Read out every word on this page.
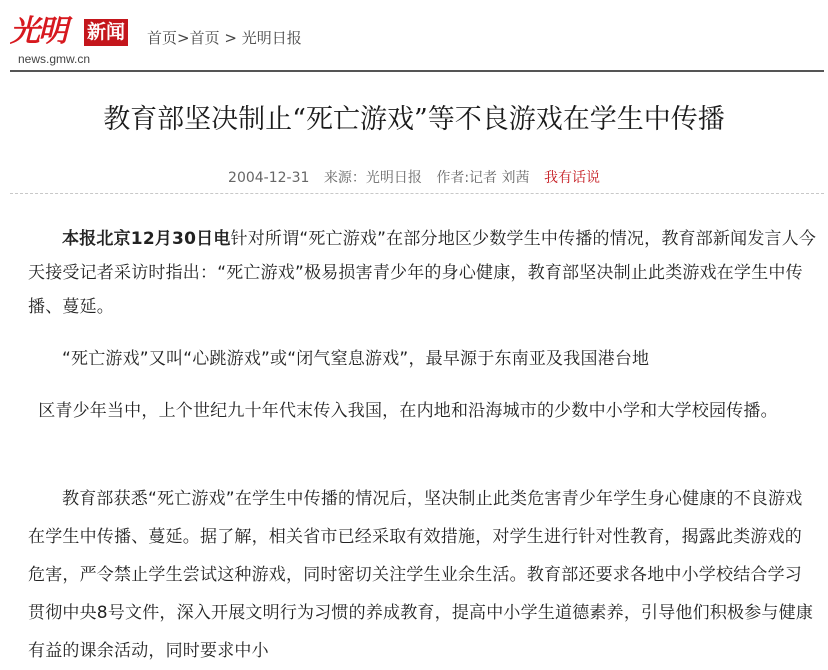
光明 新闻
news.gmw.cn
首页>首页 > 光明日报
教育部坚决制止“死亡游戏”等不良游戏在学生中传播
2004-12-31 来源：光明日报 作者:记者 刘茜 我有话说

本报北京12月30日电针对所谓“死亡游戏”在部分地区少数学生中传播的情况，教育部新闻发言人今天接受记者采访时指出：“死亡游戏”极易损害青少年的身心健康，教育部坚决制止此类游戏在学生中传播、蔓延。

“死亡游戏”又叫“心跳游戏”或“闭气窒息游戏”，最早源于东南亚及我国港台地

区青少年当中，上个世纪九十年代末传入我国，在内地和沿海城市的少数中小学和大学校园传播。

教育部获悉“死亡游戏”在学生中传播的情况后，坚决制止此类危害青少年学生身心健康的不良游戏在学生中传播、蔓延。据了解，相关省市已经采取有效措施，对学生进行针对性教育，揭露此类游戏的危害，严令禁止学生尝试这种游戏，同时密切关注学生业余生活。教育部还要求各地中小学校结合学习贯彻中央8号文件，深入开展文明行为习惯的养成教育，提高中小学生道德素养，引导他们积极参与健康有益的课余活动，同时要求中小
